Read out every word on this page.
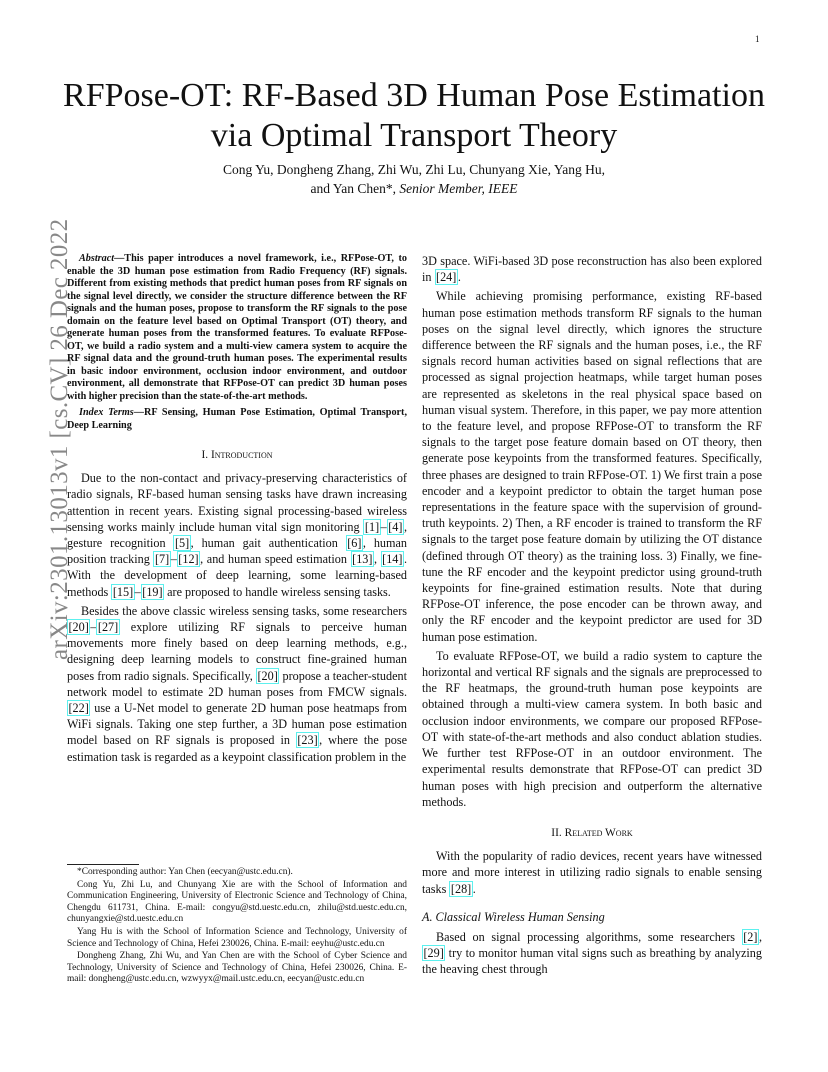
1
arXiv:2301.13013v1 [cs.CV] 26 Dec 2022
RFPose-OT: RF-Based 3D Human Pose Estimation
via Optimal Transport Theory
Cong Yu, Dongheng Zhang, Zhi Wu, Zhi Lu, Chunyang Xie, Yang Hu,
and Yan Chen*, Senior Member, IEEE

Abstract—This paper introduces a novel framework, i.e., RFPose-OT, to enable the 3D human pose estimation from Radio Frequency (RF) signals. Different from existing methods that predict human poses from RF signals on the signal level directly, we consider the structure difference between the RF signals and the human poses, propose to transform the RF signals to the pose domain on the feature level based on Optimal Transport (OT) theory, and generate human poses from the transformed features. To evaluate RFPose-OT, we build a radio system and a multi-view camera system to acquire the RF signal data and the ground-truth human poses. The experimental results in basic indoor environment, occlusion indoor environment, and outdoor environment, all demonstrate that RFPose-OT can predict 3D human poses with higher precision than the state-of-the-art methods.

Index Terms—RF Sensing, Human Pose Estimation, Optimal Transport, Deep Learning

I. Introduction

Due to the non-contact and privacy-preserving characteristics of radio signals, RF-based human sensing tasks have drawn increasing attention in recent years. Existing signal processing-based wireless sensing works mainly include human vital sign monitoring [1] – [4] , gesture recognition [5] , human gait authentication [6] , human position tracking [7] – [12] , and human speed estimation [13] , [14] . With the development of deep learning, some learning-based methods [15] – [19] are proposed to handle wireless sensing tasks.

Besides the above classic wireless sensing tasks, some researchers [20] – [27] explore utilizing RF signals to perceive human movements more finely based on deep learning methods, e.g., designing deep learning models to construct fine-grained human poses from radio signals. Specifically, [20] propose a teacher-student network model to estimate 2D human poses from FMCW signals. [22] use a U-Net model to generate 2D human pose heatmaps from WiFi signals. Taking one step further, a 3D human pose estimation model based on RF signals is proposed in [23] , where the pose estimation task is regarded as a keypoint classification problem in the

*Corresponding author: Yan Chen (eecyan@ustc.edu.cn).

Cong Yu, Zhi Lu, and Chunyang Xie are with the School of Information and Communication Engineering, University of Electronic Science and Technology of China, Chengdu 611731, China. E-mail: congyu@std.uestc.edu.cn, zhilu@std.uestc.edu.cn, chunyangxie@std.uestc.edu.cn

Yang Hu is with the School of Information Science and Technology, University of Science and Technology of China, Hefei 230026, China. E-mail: eeyhu@ustc.edu.cn

Dongheng Zhang, Zhi Wu, and Yan Chen are with the School of Cyber Science and Technology, University of Science and Technology of China, Hefei 230026, China. E-mail: dongheng@ustc.edu.cn, wzwyyx@mail.ustc.edu.cn, eecyan@ustc.edu.cn

3D space. WiFi-based 3D pose reconstruction has also been explored in [24] .

While achieving promising performance, existing RF-based human pose estimation methods transform RF signals to the human poses on the signal level directly, which ignores the structure difference between the RF signals and the human poses, i.e., the RF signals record human activities based on signal reflections that are processed as signal projection heatmaps, while target human poses are represented as skeletons in the real physical space based on human visual system. Therefore, in this paper, we pay more attention to the feature level, and propose RFPose-OT to transform the RF signals to the target pose feature domain based on OT theory, then generate pose keypoints from the transformed features. Specifically, three phases are designed to train RFPose-OT. 1) We first train a pose encoder and a keypoint predictor to obtain the target human pose representations in the feature space with the supervision of ground-truth keypoints. 2) Then, a RF encoder is trained to transform the RF signals to the target pose feature domain by utilizing the OT distance (defined through OT theory) as the training loss. 3) Finally, we fine-tune the RF encoder and the keypoint predictor using ground-truth keypoints for fine-grained estimation results. Note that during RFPose-OT inference, the pose encoder can be thrown away, and only the RF encoder and the keypoint predictor are used for 3D human pose estimation.

To evaluate RFPose-OT, we build a radio system to capture the horizontal and vertical RF signals and the signals are preprocessed to the RF heatmaps, the ground-truth human pose keypoints are obtained through a multi-view camera system. In both basic and occlusion indoor environments, we compare our proposed RFPose-OT with state-of-the-art methods and also conduct ablation studies. We further test RFPose-OT in an outdoor environment. The experimental results demonstrate that RFPose-OT can predict 3D human poses with high precision and outperform the alternative methods.

II. Related Work

With the popularity of radio devices, recent years have witnessed more and more interest in utilizing radio signals to enable sensing tasks [28] .

A. Classical Wireless Human Sensing

Based on signal processing algorithms, some researchers [2] , [29] try to monitor human vital signs such as breathing by analyzing the heaving chest through
